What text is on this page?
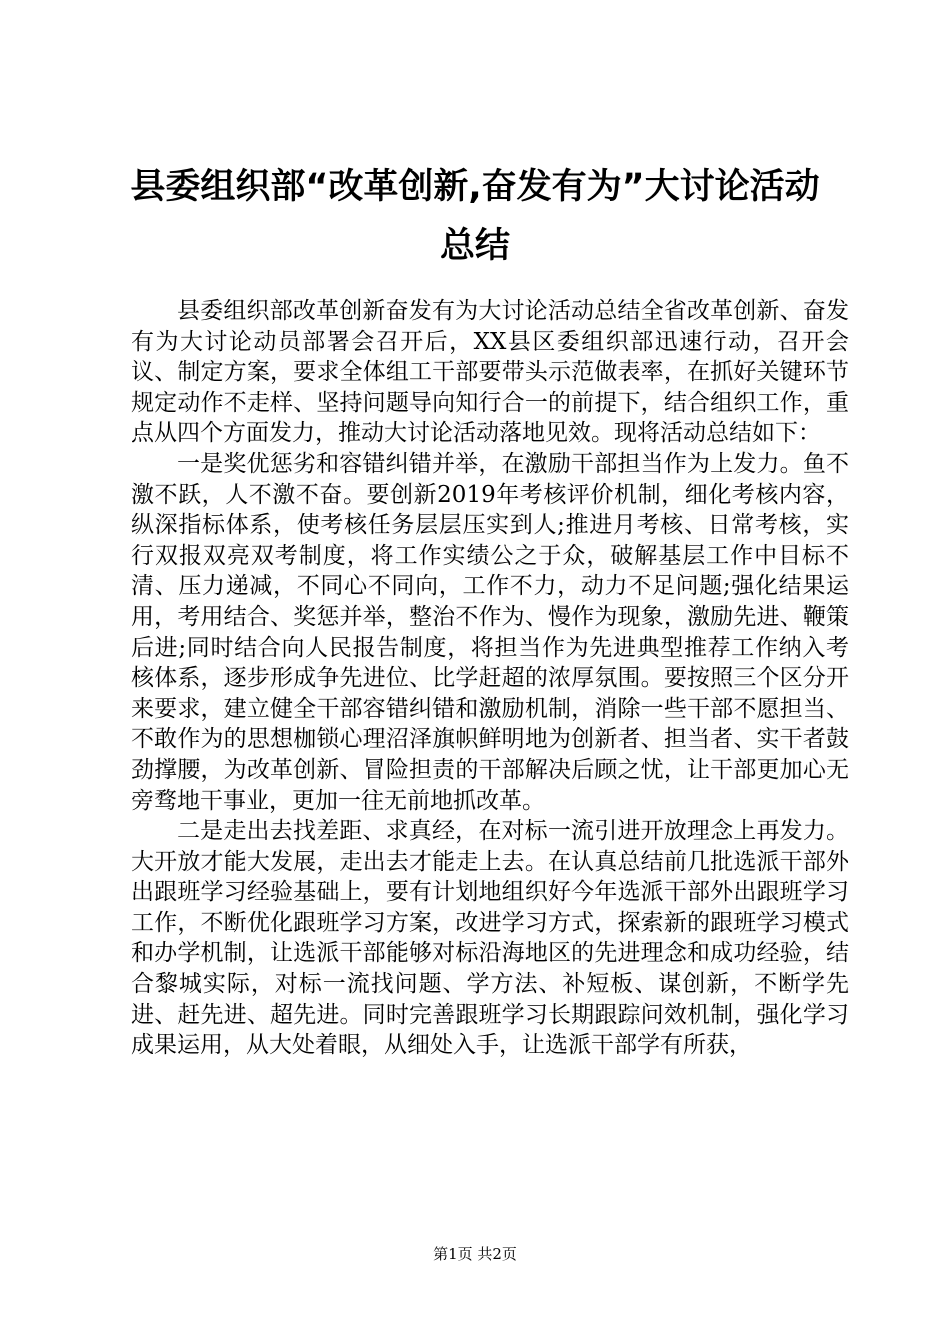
县委组织部“改革创新,奋发有为”大讨论活动总结

县委组织部改革创新奋发有为大讨论活动总结全省改革创新、奋发有为大讨论动员部署会召开后，XX县区委组织部迅速行动，召开会议、制定方案，要求全体组工干部要带头示范做表率，在抓好关键环节规定动作不走样、坚持问题导向知行合一的前提下，结合组织工作，重点从四个方面发力，推动大讨论活动落地见效。现将活动总结如下：

一是奖优惩劣和容错纠错并举，在激励干部担当作为上发力。鱼不激不跃，人不激不奋。要创新2019年考核评价机制，细化考核内容，纵深指标体系，使考核任务层层压实到人;推进月考核、日常考核，实行双报双亮双考制度，将工作实绩公之于众，破解基层工作中目标不清、压力递减，不同心不同向，工作不力，动力不足问题;强化结果运用，考用结合、奖惩并举，整治不作为、慢作为现象，激励先进、鞭策后进;同时结合向人民报告制度，将担当作为先进典型推荐工作纳入考核体系，逐步形成争先进位、比学赶超的浓厚氛围。要按照三个区分开来要求，建立健全干部容错纠错和激励机制，消除一些干部不愿担当、不敢作为的思想枷锁心理沼泽旗帜鲜明地为创新者、担当者、实干者鼓劲撑腰，为改革创新、冒险担责的干部解决后顾之忧，让干部更加心无旁骛地干事业，更加一往无前地抓改革。

二是走出去找差距、求真经，在对标一流引进开放理念上再发力。大开放才能大发展，走出去才能走上去。在认真总结前几批选派干部外出跟班学习经验基础上，要有计划地组织好今年选派干部外出跟班学习工作，不断优化跟班学习方案，改进学习方式，探索新的跟班学习模式和办学机制，让选派干部能够对标沿海地区的先进理念和成功经验，结合黎城实际，对标一流找问题、学方法、补短板、谋创新，不断学先进、赶先进、超先进。同时完善跟班学习长期跟踪问效机制，强化学习成果运用，从大处着眼，从细处入手，让选派干部学有所获，

第1页 共2页
